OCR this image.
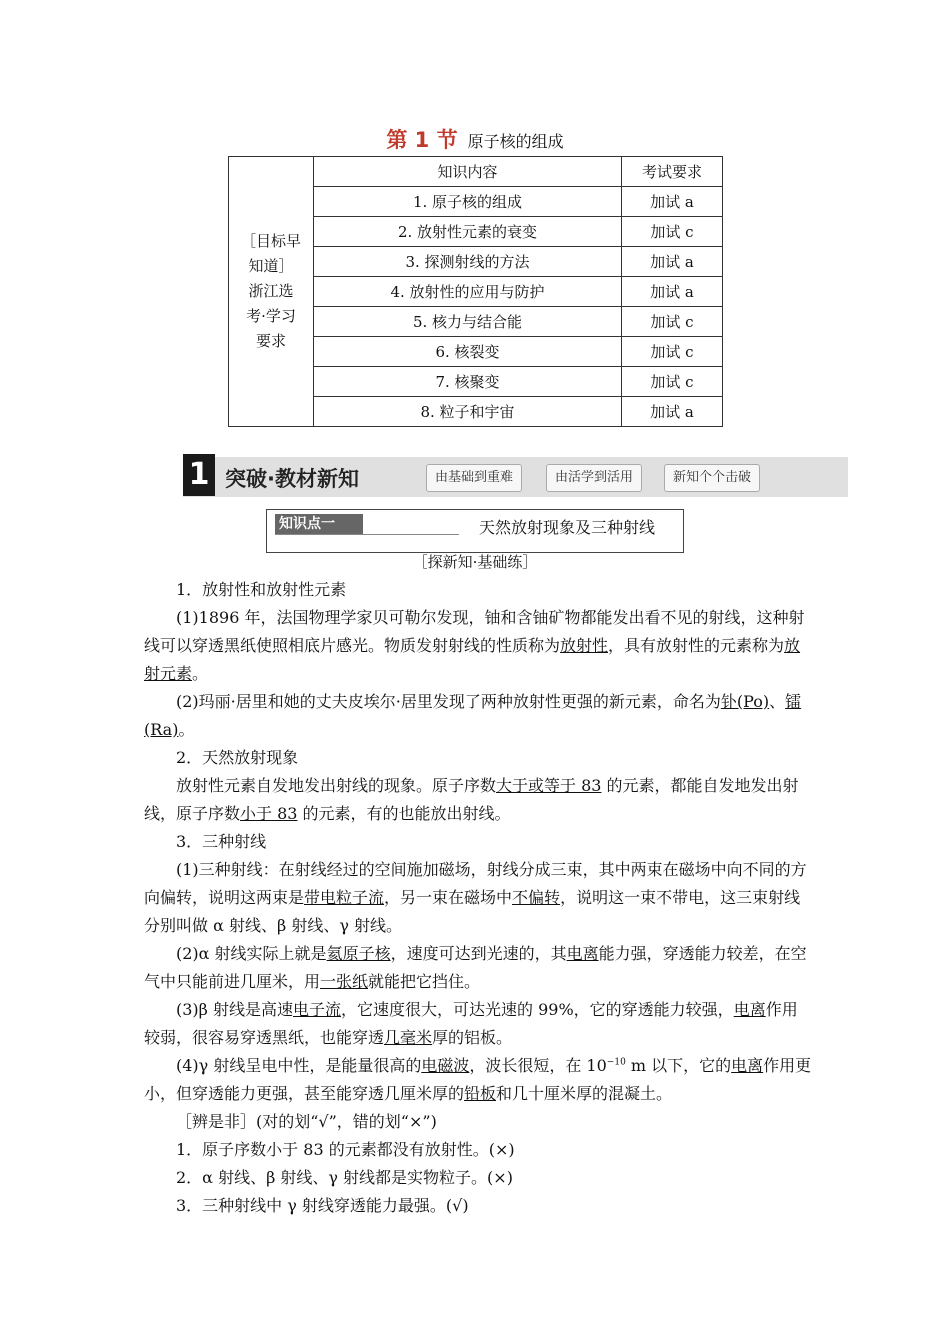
第 1 节 原子核的组成
［目标早
知道］
浙江选
考·学习
要求	知识内容	考试要求
	1. 原子核的组成	加试 a
	2. 放射性元素的衰变	加试 c
	3. 探测射线的方法	加试 a
	4. 放射性的应用与防护	加试 a
	5. 核力与结合能	加试 c
	6. 核裂变	加试 c
	7. 核聚变	加试 c
	8. 粒子和宇宙	加试 a
1 突破·教材新知	由基础到重难	由活学到活用	新知个个击破
知识点一	天然放射现象及三种射线
［探新知·基础练］

1．放射性和放射性元素

(1)1896 年，法国物理学家贝可勒尔发现，铀和含铀矿物都能发出看不见的射线，这种射线可以穿透黑纸使照相底片感光。物质发射射线的性质称为放射性，具有放射性的元素称为放射元素。

(2)玛丽·居里和她的丈夫皮埃尔·居里发现了两种放射性更强的新元素，命名为钋(Po)、镭(Ra)。

2．天然放射现象

放射性元素自发地发出射线的现象。原子序数大于或等于 83 的元素，都能自发地发出射线，原子序数小于 83 的元素，有的也能放出射线。

3．三种射线

(1)三种射线：在射线经过的空间施加磁场，射线分成三束，其中两束在磁场中向不同的方向偏转，说明这两束是带电粒子流，另一束在磁场中不偏转，说明这一束不带电，这三束射线分别叫做 α 射线、β 射线、γ 射线。

(2)α 射线实际上就是氦原子核，速度可达到光速的，其电离能力强，穿透能力较差，在空气中只能前进几厘米，用一张纸就能把它挡住。

(3)β 射线是高速电子流，它速度很大，可达光速的 99%，它的穿透能力较强，电离作用较弱，很容易穿透黑纸，也能穿透几毫米厚的铝板。

(4)γ 射线呈电中性，是能量很高的电磁波，波长很短，在 $10^{-10}$ m 以下，它的电离作用更小，但穿透能力更强，甚至能穿透几厘米厚的铅板和几十厘米厚的混凝土。

［辨是非］(对的划“√”，错的划“×”)

1．原子序数小于 83 的元素都没有放射性。(×)

2．α 射线、β 射线、γ 射线都是实物粒子。(×)

3．三种射线中 γ 射线穿透能力最强。(√)
